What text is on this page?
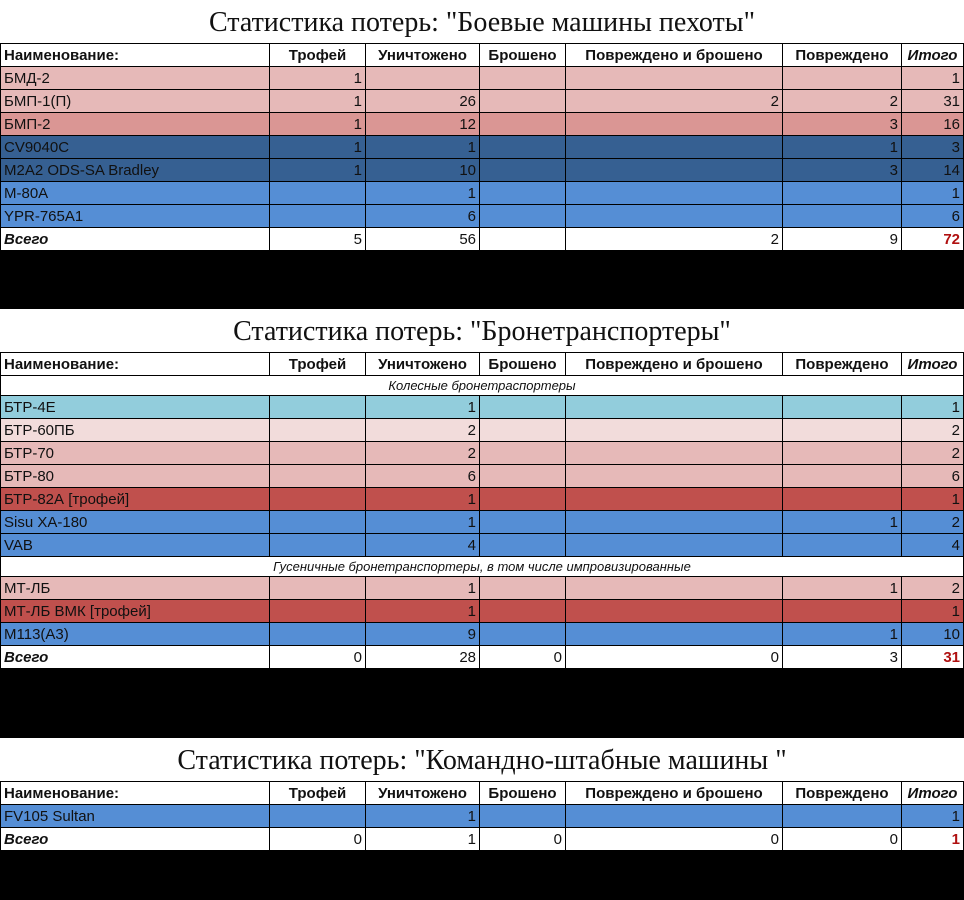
Статистика потерь: "Боевые машины пехоты"
Наименование:	Трофей	Уничтожено	Брошено	Повреждено и брошено	Повреждено	Итого
БМД-2	1					1
БМП-1(П)	1	26		2	2	31
БМП-2	1	12			3	16
CV9040C	1	1			1	3
M2A2 ODS-SA Bradley	1	10			3	14
M-80A		1				1
YPR-765A1		6				6
Всего	5	56		2	9	72
Статистика потерь: "Бронетранспортеры"
Наименование:	Трофей	Уничтожено	Брошено	Повреждено и брошено	Повреждено	Итого
Колесные бронетраспортеры						
БТР-4Е		1				1
БТР-60ПБ		2				2
БТР-70		2				2
БТР-80		6				6
БТР-82А [трофей]		1				1
Sisu XA-180		1			1	2
VAB		4				4
Гусеничные бронетранспортеры, в том числе импровизированные						
МТ-ЛБ		1			1	2
МТ-ЛБ ВМК [трофей]		1				1
M113(A3)		9			1	10
Всего	0	28	0	0	3	31
Статистика потерь: "Командно-штабные машины "
Наименование:	Трофей	Уничтожено	Брошено	Повреждено и брошено	Повреждено	Итого
FV105 Sultan		1				1
Всего	0	1	0	0	0	1
